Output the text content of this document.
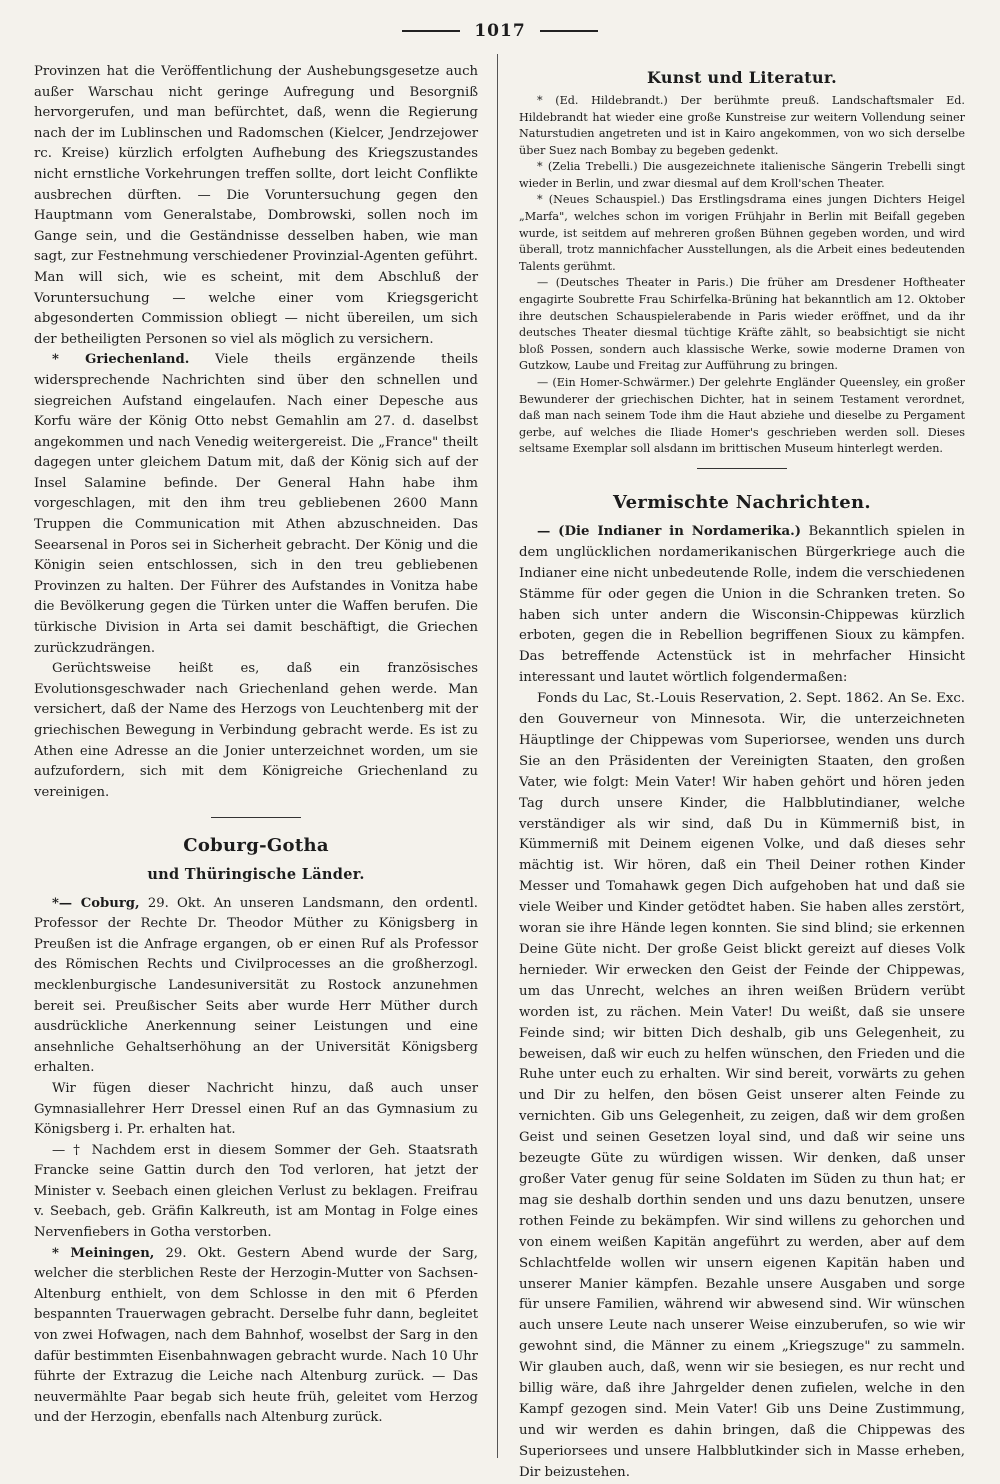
1017

Provinzen hat die Veröffentlichung der Aushebungsgesetze auch außer Warschau nicht geringe Aufregung und Besorgniß hervorgerufen, und man befürchtet, daß, wenn die Regierung nach der im Lublinschen und Radomschen (Kielcer, Jendrzejower rc. Kreise) kürzlich erfolgten Aufhebung des Kriegszustandes nicht ernstliche Vorkehrungen treffen sollte, dort leicht Conflikte ausbrechen dürften. — Die Voruntersuchung gegen den Hauptmann vom Generalstabe, Dombrowski, sollen noch im Gange sein, und die Geständnisse desselben haben, wie man sagt, zur Festnehmung verschiedener Provinzial-Agenten geführt. Man will sich, wie es scheint, mit dem Abschluß der Voruntersuchung — welche einer vom Kriegsgericht abgesonderten Commission obliegt — nicht übereilen, um sich der betheiligten Personen so viel als möglich zu versichern.

* Griechenland. Viele theils ergänzende theils widersprechende Nachrichten sind über den schnellen und siegreichen Aufstand eingelaufen. Nach einer Depesche aus Korfu wäre der König Otto nebst Gemahlin am 27. d. daselbst angekommen und nach Venedig weitergereist. Die „France" theilt dagegen unter gleichem Datum mit, daß der König sich auf der Insel Salamine befinde. Der General Hahn habe ihm vorgeschlagen, mit den ihm treu gebliebenen 2600 Mann Truppen die Communication mit Athen abzuschneiden. Das Seearsenal in Poros sei in Sicherheit gebracht. Der König und die Königin seien entschlossen, sich in den treu gebliebenen Provinzen zu halten. Der Führer des Aufstandes in Vonitza habe die Bevölkerung gegen die Türken unter die Waffen berufen. Die türkische Division in Arta sei damit beschäftigt, die Griechen zurückzudrängen.

Gerüchtsweise heißt es, daß ein französisches Evolutionsgeschwader nach Griechenland gehen werde. Man versichert, daß der Name des Herzogs von Leuchtenberg mit der griechischen Bewegung in Verbindung gebracht werde. Es ist zu Athen eine Adresse an die Jonier unterzeichnet worden, um sie aufzufordern, sich mit dem Königreiche Griechenland zu vereinigen.

Coburg-Gotha
und Thüringische Länder.

*— Coburg, 29. Okt. An unseren Landsmann, den ordentl. Professor der Rechte Dr. Theodor Müther zu Königsberg in Preußen ist die Anfrage ergangen, ob er einen Ruf als Professor des Römischen Rechts und Civilprocesses an die großherzogl. mecklenburgische Landesuniversität zu Rostock anzunehmen bereit sei. Preußischer Seits aber wurde Herr Müther durch ausdrückliche Anerkennung seiner Leistungen und eine ansehnliche Gehaltserhöhung an der Universität Königsberg erhalten.

Wir fügen dieser Nachricht hinzu, daß auch unser Gymnasiallehrer Herr Dressel einen Ruf an das Gymnasium zu Königsberg i. Pr. erhalten hat.

— † Nachdem erst in diesem Sommer der Geh. Staatsrath Francke seine Gattin durch den Tod verloren, hat jetzt der Minister v. Seebach einen gleichen Verlust zu beklagen. Freifrau v. Seebach, geb. Gräfin Kalkreuth, ist am Montag in Folge eines Nervenfiebers in Gotha verstorben.

* Meiningen, 29. Okt. Gestern Abend wurde der Sarg, welcher die sterblichen Reste der Herzogin-Mutter von Sachsen-Altenburg enthielt, von dem Schlosse in den mit 6 Pferden bespannten Trauerwagen gebracht. Derselbe fuhr dann, begleitet von zwei Hofwagen, nach dem Bahnhof, woselbst der Sarg in den dafür bestimmten Eisenbahnwagen gebracht wurde. Nach 10 Uhr führte der Extrazug die Leiche nach Altenburg zurück. — Das neuvermählte Paar begab sich heute früh, geleitet vom Herzog und der Herzogin, ebenfalls nach Altenburg zurück.

Kunst und Literatur.

* (Ed. Hildebrandt.) Der berühmte preuß. Landschaftsmaler Ed. Hildebrandt hat wieder eine große Kunstreise zur weitern Vollendung seiner Naturstudien angetreten und ist in Kairo angekommen, von wo sich derselbe über Suez nach Bombay zu begeben gedenkt.

* (Zelia Trebelli.) Die ausgezeichnete italienische Sängerin Trebelli singt wieder in Berlin, und zwar diesmal auf dem Kroll'schen Theater.

* (Neues Schauspiel.) Das Erstlingsdrama eines jungen Dichters Heigel „Marfa", welches schon im vorigen Frühjahr in Berlin mit Beifall gegeben wurde, ist seitdem auf mehreren großen Bühnen gegeben worden, und wird überall, trotz mannichfacher Ausstellungen, als die Arbeit eines bedeutenden Talents gerühmt.

— (Deutsches Theater in Paris.) Die früher am Dresdener Hoftheater engagirte Soubrette Frau Schirfelka-Brüning hat bekanntlich am 12. Oktober ihre deutschen Schauspielerabende in Paris wieder eröffnet, und da ihr deutsches Theater diesmal tüchtige Kräfte zählt, so beabsichtigt sie nicht bloß Possen, sondern auch klassische Werke, sowie moderne Dramen von Gutzkow, Laube und Freitag zur Aufführung zu bringen.

— (Ein Homer-Schwärmer.) Der gelehrte Engländer Queensley, ein großer Bewunderer der griechischen Dichter, hat in seinem Testament verordnet, daß man nach seinem Tode ihm die Haut abziehe und dieselbe zu Pergament gerbe, auf welches die Iliade Homer's geschrieben werden soll. Dieses seltsame Exemplar soll alsdann im brittischen Museum hinterlegt werden.

Vermischte Nachrichten.

— (Die Indianer in Nordamerika.) Bekanntlich spielen in dem unglücklichen nordamerikanischen Bürgerkriege auch die Indianer eine nicht unbedeutende Rolle, indem die verschiedenen Stämme für oder gegen die Union in die Schranken treten. So haben sich unter andern die Wisconsin-Chippewas kürzlich erboten, gegen die in Rebellion begriffenen Sioux zu kämpfen. Das betreffende Actenstück ist in mehrfacher Hinsicht interessant und lautet wörtlich folgendermaßen:

Fonds du Lac, St.-Louis Reservation, 2. Sept. 1862. An Se. Exc. den Gouverneur von Minnesota. Wir, die unterzeichneten Häuptlinge der Chippewas vom Superiorsee, wenden uns durch Sie an den Präsidenten der Vereinigten Staaten, den großen Vater, wie folgt: Mein Vater! Wir haben gehört und hören jeden Tag durch unsere Kinder, die Halbblutindianer, welche verständiger als wir sind, daß Du in Kümmerniß bist, in Kümmerniß mit Deinem eigenen Volke, und daß dieses sehr mächtig ist. Wir hören, daß ein Theil Deiner rothen Kinder Messer und Tomahawk gegen Dich aufgehoben hat und daß sie viele Weiber und Kinder getödtet haben. Sie haben alles zerstört, woran sie ihre Hände legen konnten. Sie sind blind; sie erkennen Deine Güte nicht. Der große Geist blickt gereizt auf dieses Volk hernieder. Wir erwecken den Geist der Feinde der Chippewas, um das Unrecht, welches an ihren weißen Brüdern verübt worden ist, zu rächen. Mein Vater! Du weißt, daß sie unsere Feinde sind; wir bitten Dich deshalb, gib uns Gelegenheit, zu beweisen, daß wir euch zu helfen wünschen, den Frieden und die Ruhe unter euch zu erhalten. Wir sind bereit, vorwärts zu gehen und Dir zu helfen, den bösen Geist unserer alten Feinde zu vernichten. Gib uns Gelegenheit, zu zeigen, daß wir dem großen Geist und seinen Gesetzen loyal sind, und daß wir seine uns bezeugte Güte zu würdigen wissen. Wir denken, daß unser großer Vater genug für seine Soldaten im Süden zu thun hat; er mag sie deshalb dorthin senden und uns dazu benutzen, unsere rothen Feinde zu bekämpfen. Wir sind willens zu gehorchen und von einem weißen Kapitän angeführt zu werden, aber auf dem Schlachtfelde wollen wir unsern eigenen Kapitän haben und unserer Manier kämpfen. Bezahle unsere Ausgaben und sorge für unsere Familien, während wir abwesend sind. Wir wünschen auch unsere Leute nach unserer Weise einzuberufen, so wie wir gewohnt sind, die Männer zu einem „Kriegszuge" zu sammeln. Wir glauben auch, daß, wenn wir sie besiegen, es nur recht und billig wäre, daß ihre Jahrgelder denen zufielen, welche in den Kampf gezogen sind. Mein Vater! Gib uns Deine Zustimmung, und wir werden es dahin bringen, daß die Chippewas des Superiorsees und unsere Halbblutkinder sich in Masse erheben, Dir beizustehen.
